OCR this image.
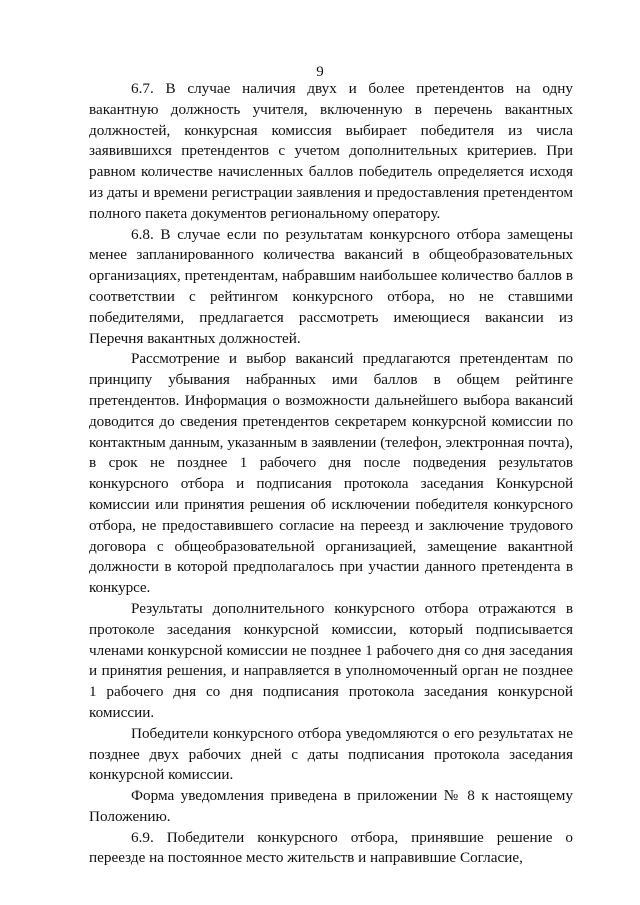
9

6.7. В случае наличия двух и более претендентов на одну вакантную должность учителя, включенную в перечень вакантных должностей, конкурсная комиссия выбирает победителя из числа заявившихся претендентов с учетом дополнительных критериев. При равном количестве начисленных баллов победитель определяется исходя из даты и времени регистрации заявления и предоставления претендентом полного пакета документов региональному оператору.

6.8. В случае если по результатам конкурсного отбора замещены менее запланированного количества вакансий в общеобразовательных организациях, претендентам, набравшим наибольшее количество баллов в соответствии с рейтингом конкурсного отбора, но не ставшими победителями, предлагается рассмотреть имеющиеся вакансии из Перечня вакантных должностей.

Рассмотрение и выбор вакансий предлагаются претендентам по принципу убывания набранных ими баллов в общем рейтинге претендентов. Информация о возможности дальнейшего выбора вакансий доводится до сведения претендентов секретарем конкурсной комиссии по контактным данным, указанным в заявлении (телефон, электронная почта), в срок не позднее 1 рабочего дня после подведения результатов конкурсного отбора и подписания протокола заседания Конкурсной комиссии или принятия решения об исключении победителя конкурсного отбора, не предоставившего согласие на переезд и заключение трудового договора с общеобразовательной организацией, замещение вакантной должности в которой предполагалось при участии данного претендента в конкурсе.

Результаты дополнительного конкурсного отбора отражаются в протоколе заседания конкурсной комиссии, который подписывается членами конкурсной комиссии не позднее 1 рабочего дня со дня заседания и принятия решения, и направляется в уполномоченный орган не позднее 1 рабочего дня со дня подписания протокола заседания конкурсной комиссии.

Победители конкурсного отбора уведомляются о его результатах не позднее двух рабочих дней с даты подписания протокола заседания конкурсной комиссии.

Форма уведомления приведена в приложении № 8 к настоящему Положению.

6.9. Победители конкурсного отбора, принявшие решение о переезде на постоянное место жительств и направившие Согласие,
